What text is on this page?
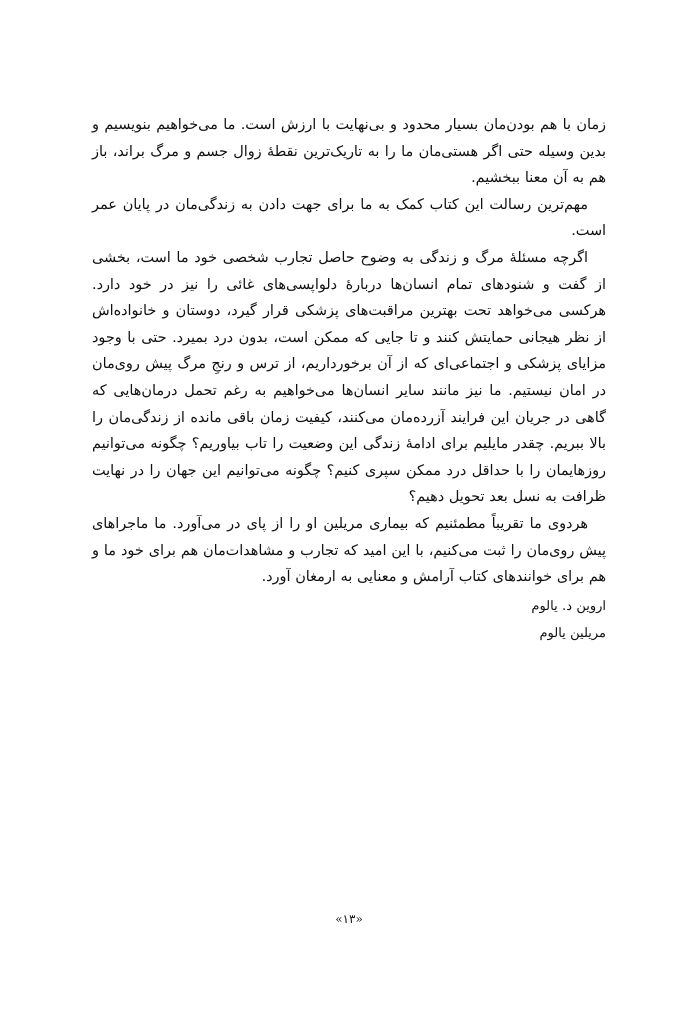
زمان با هم بودن‌مان بسیار محدود و بی‌نهایت با ارزش است. ما می‌خواهیم بنویسیم و بدین وسیله حتی اگر هستی‌مان ما را به تاریک‌ترین نقطهٔ زوال جسم و مرگ براند، باز هم به آن معنا ببخشیم.

مهم‌ترین رسالت این کتاب کمک به ما برای جهت دادن به زندگی‌مان در پایان عمر است.

اگرچه مسئلهٔ مرگ و زندگی به وضوح حاصل تجارب شخصی خود ما است، بخشی از گفت و شنودهای تمام انسان‌ها دربارهٔ دلواپسی‌های غائی را نیز در خود دارد. هرکسی می‌خواهد تحت بهترین مراقبت‌های پزشکی قرار گیرد، دوستان و خانواده‌اش از نظر هیجانی حمایتش کنند و تا جایی که ممکن است، بدون درد بمیرد. حتی با وجود مزایای پزشکی و اجتماعی‌ای که از آن برخورداریم، از ترس و رنجِ مرگ پیش روی‌مان در امان نیستیم. ما نیز مانند سایر انسان‌ها می‌خواهیم به رغم تحمل درمان‌هایی که گاهی در جریان این فرایند آزرده‌مان می‌کنند، کیفیت زمان باقی مانده از زندگی‌مان را بالا ببریم. چقدر مایلیم برای ادامهٔ زندگی این وضعیت را تاب بیاوریم؟ چگونه می‌توانیم روزهایمان را با حداقل درد ممکن سپری کنیم؟ چگونه می‌توانیم این جهان را در نهایت ظرافت به نسل بعد تحویل دهیم؟

هردوی ما تقریباً مطمئنیم که بیماری مریلین او را از پای در می‌آورد. ما ماجراهای پیش روی‌مان را ثبت می‌کنیم، با این امید که تجارب و مشاهدات‌مان هم برای خود ما و هم برای خوانندهای کتاب آرامش و معنایی به ارمغان آورد.

اروین د. یالوم
مریلین یالوم
«۱۳»
